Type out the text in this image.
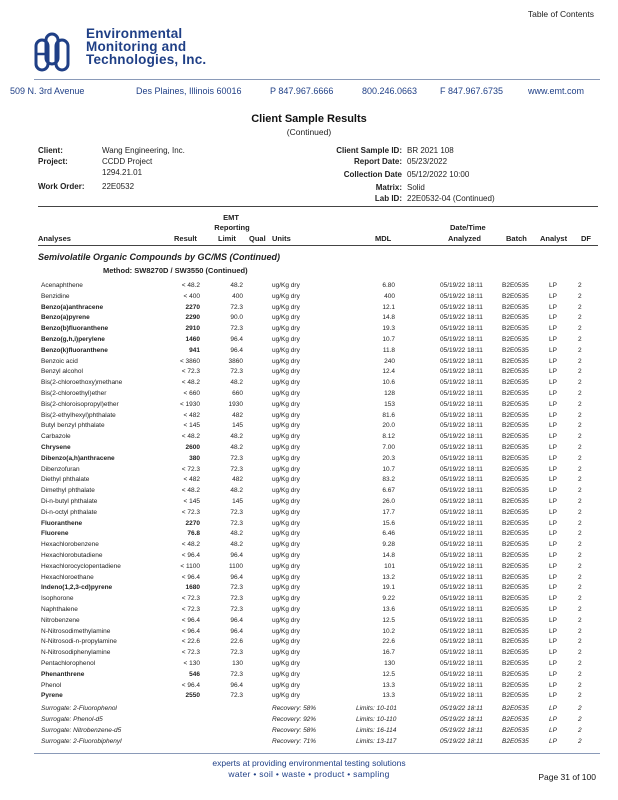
Table of Contents
Environmental
Monitoring and
Technologies, Inc.
509 N. 3rd Avenue	Des Plaines, Illinois 60016	P 847.967.6666	800.246.0663	F 847.967.6735	www.emt.com
Client Sample Results
(Continued)
Client:	Wang Engineering, Inc.
Project:	CCDD Project
1294.21.01
Work Order: 22E0532
Client Sample ID: BR 2021 108
Report Date: 05/23/2022
Collection Date 05/12/2022 10:00
Matrix: Solid
Lab ID: 22E0532-04 (Continued)
EMT
Reporting	Date/Time
Analyses	Result	Limit Qual Units	MDL	Analyzed	Batch Analyst DF
Semivolatile Organic Compounds by GC/MS (Continued)
Method: SW8270D / SW3550 (Continued)
Acenaphthene	< 48.2	48.2	ug/Kg dry	6.80	05/19/22 18:11	B2E0535	LP	2
Benzidine	< 400	400	ug/Kg dry	400	05/19/22 18:11	B2E0535	LP	2
Benzo(a)anthracene	2270	72.3	ug/Kg dry	12.1	05/19/22 18:11	B2E0535	LP	2
Benzo(a)pyrene	2290	90.0	ug/Kg dry	14.8	05/19/22 18:11	B2E0535	LP	2
Benzo(b)fluoranthene	2910	72.3	ug/Kg dry	19.3	05/19/22 18:11	B2E0535	LP	2
Benzo(g,h,i)perylene	1460	96.4	ug/Kg dry	10.7	05/19/22 18:11	B2E0535	LP	2
Benzo(k)fluoranthene	941	96.4	ug/Kg dry	11.8	05/19/22 18:11	B2E0535	LP	2
Benzoic acid	< 3860	3860	ug/Kg dry	240	05/19/22 18:11	B2E0535	LP	2
Benzyl alcohol	< 72.3	72.3	ug/Kg dry	12.4	05/19/22 18:11	B2E0535	LP	2
Bis(2-chloroethoxy)methane	< 48.2	48.2	ug/Kg dry	10.6	05/19/22 18:11	B2E0535	LP	2
Bis(2-chloroethyl)ether	< 660	660	ug/Kg dry	128	05/19/22 18:11	B2E0535	LP	2
Bis(2-chloroisopropyl)ether	< 1930	1930	ug/Kg dry	153	05/19/22 18:11	B2E0535	LP	2
Bis(2-ethylhexyl)phthalate	< 482	482	ug/Kg dry	81.6	05/19/22 18:11	B2E0535	LP	2
Butyl benzyl phthalate	< 145	145	ug/Kg dry	20.0	05/19/22 18:11	B2E0535	LP	2
Carbazole	< 48.2	48.2	ug/Kg dry	8.12	05/19/22 18:11	B2E0535	LP	2
Chrysene	2600	48.2	ug/Kg dry	7.00	05/19/22 18:11	B2E0535	LP	2
Dibenzo(a,h)anthracene	380	72.3	ug/Kg dry	20.3	05/19/22 18:11	B2E0535	LP	2
Dibenzofuran	< 72.3	72.3	ug/Kg dry	10.7	05/19/22 18:11	B2E0535	LP	2
Diethyl phthalate	< 482	482	ug/Kg dry	83.2	05/19/22 18:11	B2E0535	LP	2
Dimethyl phthalate	< 48.2	48.2	ug/Kg dry	6.67	05/19/22 18:11	B2E0535	LP	2
Di-n-butyl phthalate	< 145	145	ug/Kg dry	26.0	05/19/22 18:11	B2E0535	LP	2
Di-n-octyl phthalate	< 72.3	72.3	ug/Kg dry	17.7	05/19/22 18:11	B2E0535	LP	2
Fluoranthene	2270	72.3	ug/Kg dry	15.6	05/19/22 18:11	B2E0535	LP	2
Fluorene	76.8	48.2	ug/Kg dry	6.46	05/19/22 18:11	B2E0535	LP	2
Hexachlorobenzene	< 48.2	48.2	ug/Kg dry	9.28	05/19/22 18:11	B2E0535	LP	2
Hexachlorobutadiene	< 96.4	96.4	ug/Kg dry	14.8	05/19/22 18:11	B2E0535	LP	2
Hexachlorocyclopentadiene	< 1100	1100	ug/Kg dry	101	05/19/22 18:11	B2E0535	LP	2
Hexachloroethane	< 96.4	96.4	ug/Kg dry	13.2	05/19/22 18:11	B2E0535	LP	2
Indeno(1,2,3-cd)pyrene	1680	72.3	ug/Kg dry	19.1	05/19/22 18:11	B2E0535	LP	2
Isophorone	< 72.3	72.3	ug/Kg dry	9.22	05/19/22 18:11	B2E0535	LP	2
Naphthalene	< 72.3	72.3	ug/Kg dry	13.6	05/19/22 18:11	B2E0535	LP	2
Nitrobenzene	< 96.4	96.4	ug/Kg dry	12.5	05/19/22 18:11	B2E0535	LP	2
N-Nitrosodimethylamine	< 96.4	96.4	ug/Kg dry	10.2	05/19/22 18:11	B2E0535	LP	2
N-Nitrosodi-n-propylamine	< 22.6	22.6	ug/Kg dry	22.6	05/19/22 18:11	B2E0535	LP	2
N-Nitrosodiphenylamine	< 72.3	72.3	ug/Kg dry	16.7	05/19/22 18:11	B2E0535	LP	2
Pentachlorophenol	< 130	130	ug/Kg dry	130	05/19/22 18:11	B2E0535	LP	2
Phenanthrene	546	72.3	ug/Kg dry	12.5	05/19/22 18:11	B2E0535	LP	2
Phenol	< 96.4	96.4	ug/Kg dry	13.3	05/19/22 18:11	B2E0535	LP	2
Pyrene	2550	72.3	ug/Kg dry	13.3	05/19/22 18:11	B2E0535	LP	2
Surrogate: 2-Fluorophenol	Recovery: 58%	Limits: 10-101	05/19/22 18:11	B2E0535	LP	2
Surrogate: Phenol-d5	Recovery: 92%	Limits: 10-110	05/19/22 18:11	B2E0535	LP	2
Surrogate: Nitrobenzene-d5	Recovery: 58%	Limits: 16-114	05/19/22 18:11	B2E0535	LP	2
Surrogate: 2-Fluorobiphenyl	Recovery: 71%	Limits: 13-117	05/19/22 18:11	B2E0535	LP	2
experts at providing environmental testing solutions
water • soil • waste • product • sampling	Page 31 of 100
